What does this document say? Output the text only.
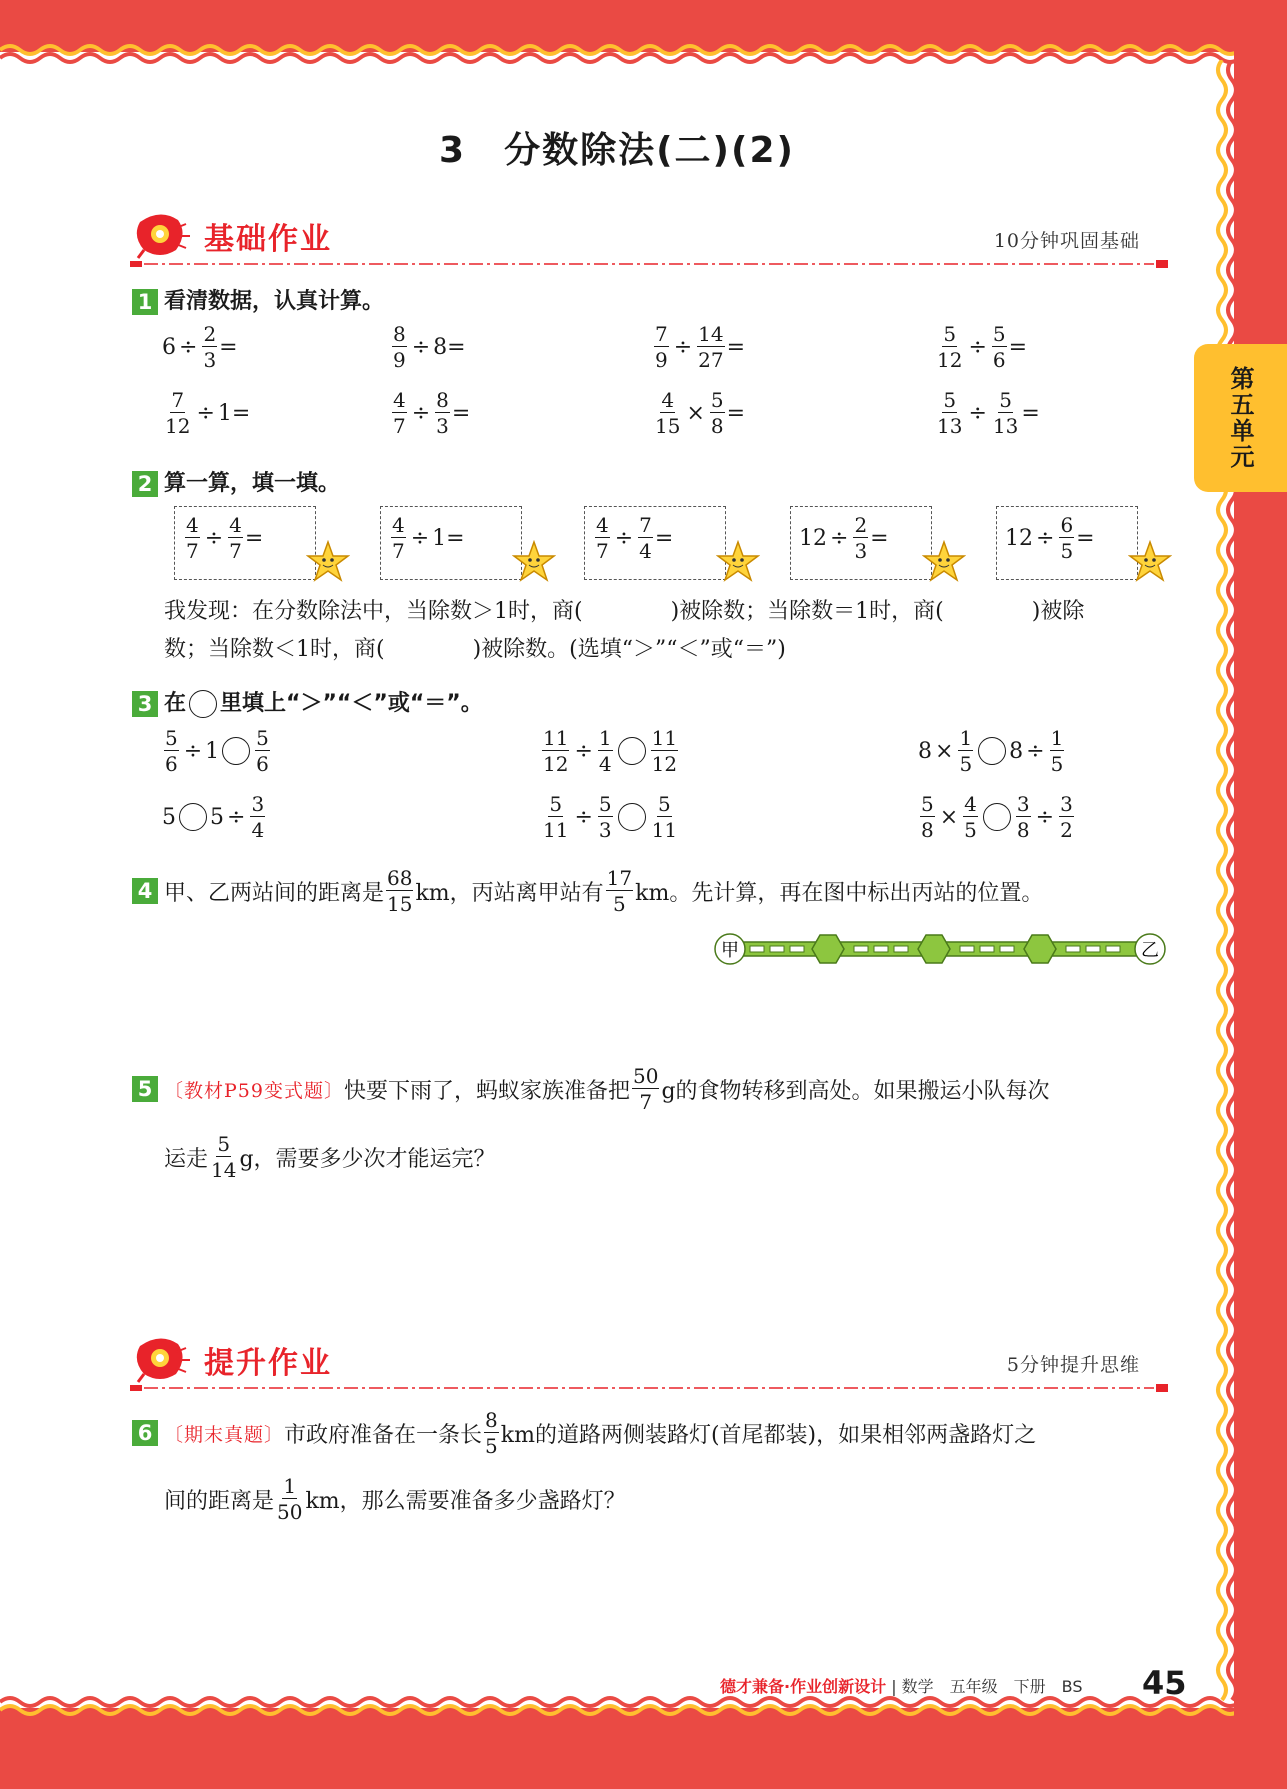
第五单元
3　分数除法(二)(2)
基础作业	10分钟巩固基础
1 看清数据，认真计算。
$6 \div \frac{2}{3}$ =	$\frac{8}{9} \div 8$ =	$\frac{7}{9} \div \frac{14}{27}$ =	$\frac{5}{12} \div \frac{5}{6}$ =
$\frac{7}{12} \div 1$ =	$\frac{4}{7} \div \frac{8}{3}$ =	$\frac{4}{15} \times \frac{5}{8}$ =	$\frac{5}{13} \div \frac{5}{13}$ =
2 算一算，填一填。
$\frac{4}{7} \div \frac{4}{7}$ =	$\frac{4}{7} \div 1$ =	$\frac{4}{7} \div \frac{7}{4}$ =	$12 \div \frac{2}{3}$ =	$12 \div \frac{6}{5}$ =
我发现：在分数除法中，当除数＞1时，商(　　　　)被除数；当除数＝1时，商(　　　　)被除
数；当除数＜1时，商(　　　　)被除数。(选填“＞”“＜”或“＝”)
3 在 里填上“＞”“＜”或“＝”。
$\frac{5}{6} \div 1 \frac{5}{6}$	$\frac{11}{12} \div \frac{1}{4} \frac{11}{12}$	$8 \times \frac{1}{5} 8 \div \frac{1}{5}$
5 $5 \div \frac{3}{4}$	$\frac{5}{11} \div \frac{5}{3} \frac{5}{11}$	$\frac{5}{8} \times \frac{4}{5} \frac{3}{8} \div \frac{3}{2}$
4 甲、乙两站间的距离是 $\frac{68}{15}$ km，丙站离甲站有 $\frac{17}{5}$ km。先计算，再在图中标出丙站的位置。
甲	乙
5 〔教材P59变式题〕 快要下雨了，蚂蚁家族准备把 $\frac{50}{7}$ g的食物转移到高处。如果搬运小队每次
运走 $\frac{5}{14}$ g，需要多少次才能运完？
提升作业	5分钟提升思维
6 〔期末真题〕 市政府准备在一条长 $\frac{8}{5}$ km的道路两侧装路灯(首尾都装)，如果相邻两盏路灯之
间的距离是 $\frac{1}{50}$ km，那么需要准备多少盏路灯？
德才兼备·作业创新设计 | 数学　五年级　下册　BS 45
